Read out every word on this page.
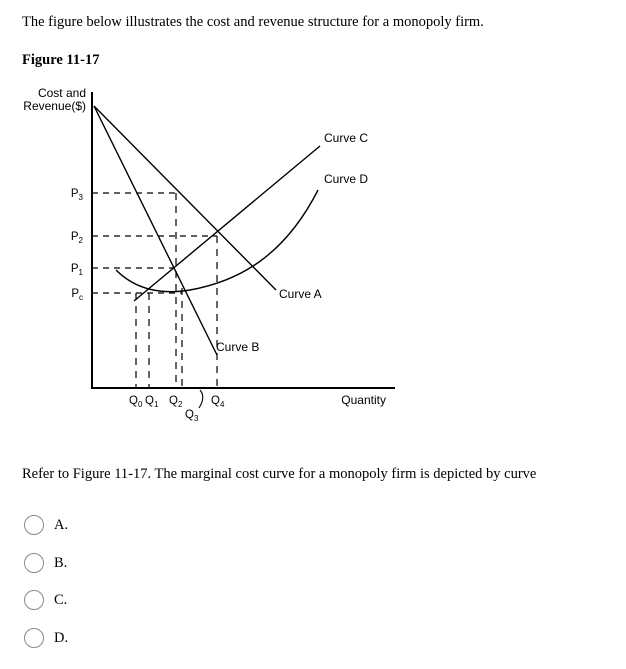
The figure below illustrates the cost and revenue structure for a monopoly firm.
Figure 11-17
Cost and
Revenue($)
Quantity
$P_3$
$P_2$
$P_1$
$P_c$
$Q_0$ $Q_1$ $Q_2$
$Q_3$
$Q_4$
Curve A
Curve B
Curve C
Curve D
Refer to Figure 11-17. The marginal cost curve for a monopoly firm is depicted by curve
A.
B.
C.
D.
